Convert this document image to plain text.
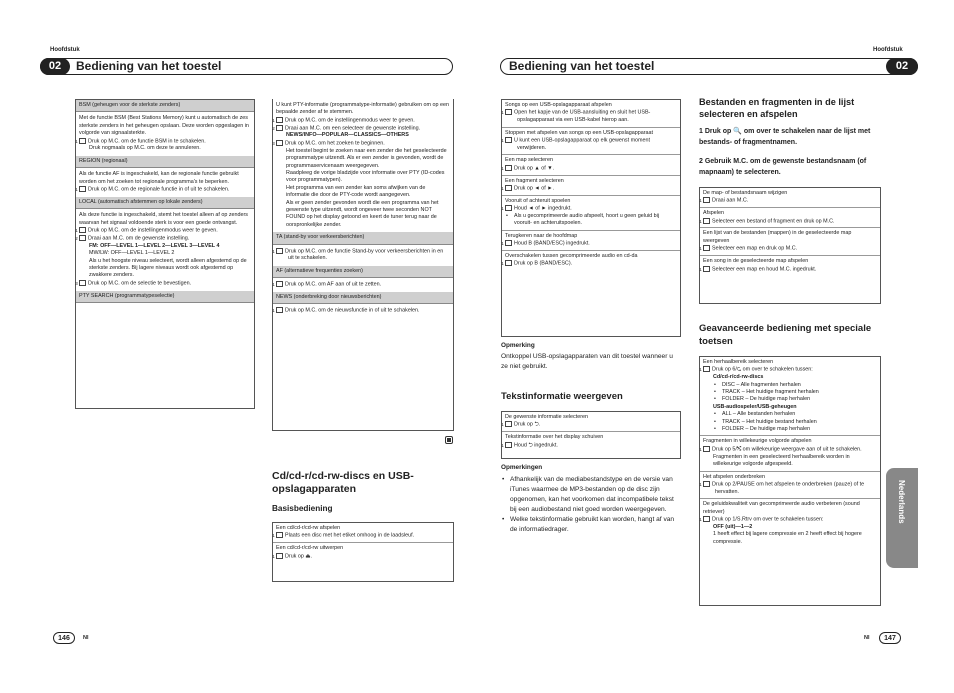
Hoofdstuk	Hoofdstuk
02	Bediening van het toestel	Bediening van het toestel	02
BSM (geheugen voor de sterkste zenders)
Met de functie BSM (Best Stations Memory) kunt u automatisch de zes sterkste zenders in het geheugen opslaan. Deze worden opgeslagen in volgorde van signaalsterkte.
1 Druk op M.C. om de functie BSM in te schakelen.
Druk nogmaals op M.C. om deze te annuleren.
REGION (regionaal)
Als de functie AF is ingeschakeld, kan de regionale functie gebruikt worden om het zoeken tot regionale programma's te beperken.
1 Druk op M.C. om de regionale functie in of uit te schakelen.
LOCAL (automatisch afstemmen op lokale zenders)
Als deze functie is ingeschakeld, stemt het toestel alleen af op zenders waarvan het signaal voldoende sterk is voor een goede ontvangst.
1 Druk op M.C. om de instellingenmodus weer te geven.
2 Draai aan M.C. om de gewenste instelling.
FM: OFF—LEVEL 1—LEVEL 2—LEVEL 3—LEVEL 4
MW/LW: OFF—LEVEL 1—LEVEL 2
Als u het hoogste niveau selecteert, wordt alleen afgestemd op de sterkste zenders. Bij lagere niveaus wordt ook afgestemd op zwakkere zenders.
3 Druk op M.C. om de selectie te bevestigen.
PTY SEARCH (programmatypeselectie)
U kunt PTY-informatie (programmatype-informatie) gebruiken om op een bepaalde zender af te stemmen.
1 Druk op M.C. om de instellingenmodus weer te geven.
2 Draai aan M.C. om een selecteer de gewenste instelling.
NEWS/INFO—POPULAR—CLASSICS—OTHERS
3 Druk op M.C. om het zoeken te beginnen.
Het toestel begint te zoeken naar een zender die het geselecteerde programmatype uitzendt. Als er een zender is gevonden, wordt de programmaservicenaam weergegeven.
Raadpleeg de vorige bladzijde voor informatie over PTY (ID-codes voor programmatypen).
Het programma van een zender kan soms afwijken van de informatie die door de PTY-code wordt aangegeven.
Als er geen zender gevonden wordt die een programma van het gewenste type uitzendt, wordt ongeveer twee seconden NOT FOUND op het display getoond en keert de tuner terug naar de oorspronkelijke zender.
TA (stand-by voor verkeersberichten)
1 Druk op M.C. om de functie Stand-by voor verkeersberichten in en uit te schakelen.
AF (alternatieve frequenties zoeken)
1 Druk op M.C. om AF aan of uit te zetten.
NEWS (onderbreking door nieuwsberichten)
1 Druk op M.C. om de nieuwsfunctie in of uit te schakelen.
Cd/cd-r/cd-rw-discs en USB-opslagapparaten
Basisbediening
Een cd/cd-r/cd-rw afspelen
1 Plaats een disc met het etiket omhoog in de laadsleuf.
Een cd/cd-r/cd-rw uitwerpen
1 Druk op ⏏.
Songs op een USB-opslagapparaat afspelen
1 Open het kapje van de USB-aansluiting en sluit het USB-opslagapparaat via een USB-kabel hierop aan.
Stoppen met afspelen van songs op een USB-opslagapparaat
1 U kunt een USB-opslagapparaat op elk gewenst moment verwijderen.
Een map selecteren
1 Druk op ▲ of ▼.
Een fragment selecteren
1 Druk op ◄ of ►.
Vooruit of achteruit spoelen
1 Houd ◄ of ► ingedrukt.
• Als u gecomprimeerde audio afspeelt, hoort u geen geluid bij vooruit- en achteruitspoelen.
Terugkeren naar de hoofdmap
1 Houd B (BAND/ESC) ingedrukt.
Overschakelen tussen gecomprimeerde audio en cd-da
1 Druk op B (BAND/ESC).
Opmerking
Ontkoppel USB-opslagapparaten van dit toestel wanneer u ze niet gebruikt.
Tekstinformatie weergeven
De gewenste informatie selecteren
1 Druk op ⮌.
Tekstinformatie over het display schuiven
1 Houd ⮌ ingedrukt.
Opmerkingen
• Afhankelijk van de mediabestandstype en de versie van iTunes waarmee de MP3-bestanden op de disc zijn opgenomen, kan het voorkomen dat incompatibele tekst bij een audiobestand niet goed worden weergegeven.
• Welke tekstinformatie gebruikt kan worden, hangt af van de informatiedrager.
Bestanden en fragmenten in de lijst selecteren en afspelen
1 Druk op 🔍 om over te schakelen naar de lijst met bestands- of fragmentnamen.
2 Gebruik M.C. om de gewenste bestandsnaam (of mapnaam) te selecteren.
De map- of bestandsnaam wijzigen
1 Draai aan M.C.
Afspelen
1 Selecteer een bestand of fragment en druk op M.C.
Een lijst van de bestanden (mappen) in de geselecteerde map weergeven
1 Selecteer een map en druk op M.C.
Een song in de geselecteerde map afspelen
1 Selecteer een map en houd M.C. ingedrukt.
Geavanceerde bediening met speciale toetsen
Een herhaalbereik selecteren
1 Druk op 6/⮎ om over te schakelen tussen:
Cd/cd-r/cd-rw-discs
• DISC – Alle fragmenten herhalen
• TRACK – Het huidige fragment herhalen
• FOLDER – De huidige map herhalen
USB-audiospeler/USB-geheugen
• ALL – Alle bestanden herhalen
• TRACK – Het huidige bestand herhalen
• FOLDER – De huidige map herhalen
Fragmenten in willekeurige volgorde afspelen
1 Druk op 5/⤭ om willekeurige weergave aan of uit te schakelen.
Fragmenten in een geselecteerd herhaalbereik worden in willekeurige volgorde afgespeeld.
Het afspelen onderbreken
1 Druk op 2/PAUSE om het afspelen te onderbreken (pauze) of te hervatten.
De geluidskwaliteit van gecomprimeerde audio verbeteren (sound retriever)
1 Druk op 1/S.Rtrv om over te schakelen tussen:
OFF (uit)—1—2
1 heeft effect bij lagere compressie en 2 heeft effect bij hogere compressie.
Nederlands
146	Nl	Nl	147
